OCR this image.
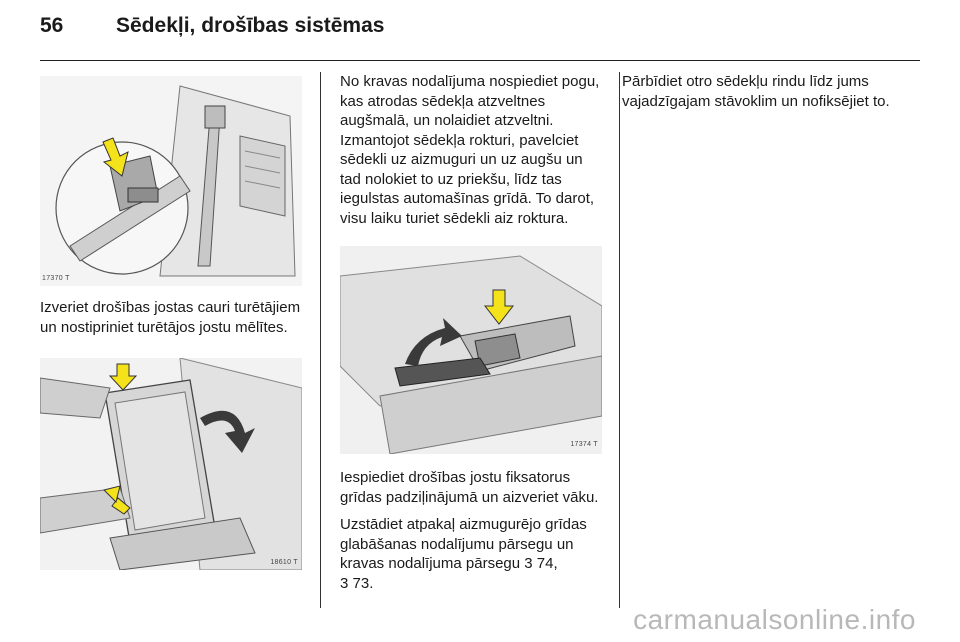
56	Sēdekļi, drošības sistēmas
17370 T

Izveriet drošības jostas cauri turētājiem un nostipriniet turētājos jostu mēlītes.

18610 T

No kravas nodalījuma nospiediet pogu, kas atrodas sēdekļa atzveltnes augšmalā, un nolaidiet atzveltni. Izmantojot sēdekļa rokturi, pavelciet sēdekli uz aizmuguri un uz augšu un tad nolokiet to uz priekšu, līdz tas iegulstas automašīnas grīdā. To darot, visu laiku turiet sēdekli aiz roktura.

17374 T

Iespiediet drošības jostu fiksatorus grīdas padziļinājumā un aizveriet vāku.

Uzstādiet atpakaļ aizmugurējo grīdas glabāšanas nodalījumu pārsegu un kravas nodalījuma pārsegu 3 74,
3 73.

Pārbīdiet otro sēdekļu rindu līdz jums vajadzīgajam stāvoklim un nofiksējiet to.

carmanualsonline.info
